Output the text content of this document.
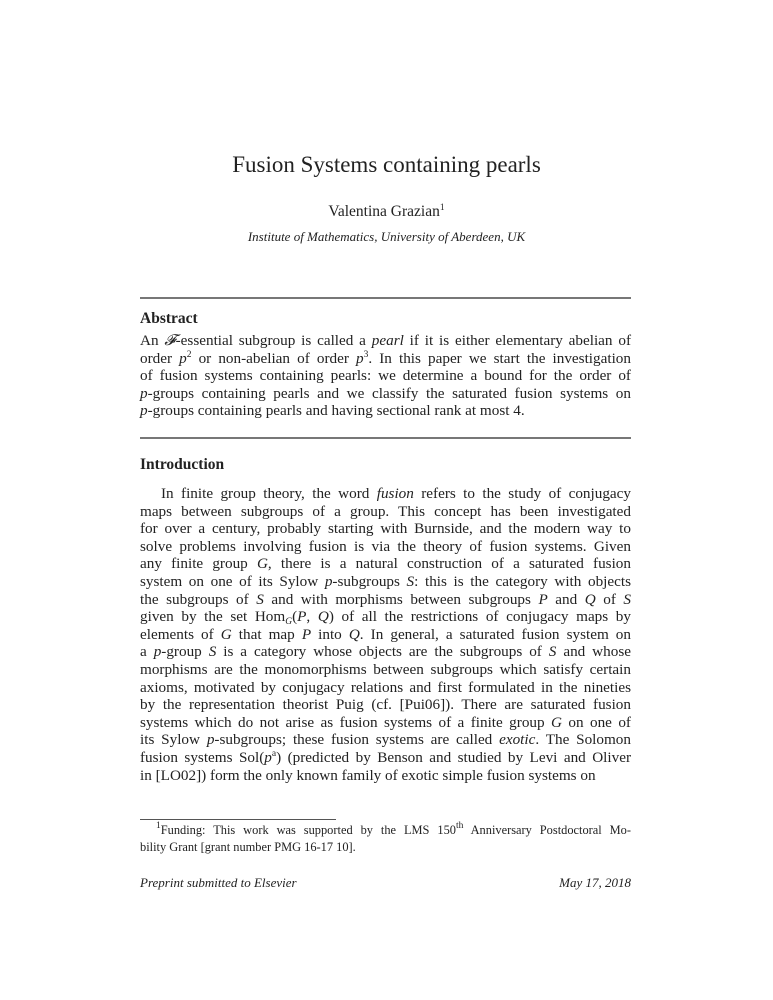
Fusion Systems containing pearls
Valentina Grazian$^1$
Institute of Mathematics, University of Aberdeen, UK
Abstract
An 𝓕-essential subgroup is called a pearl if it is either elementary abelian of
order $p^2$ or non-abelian of order $p^3$. In this paper we start the investigation
of fusion systems containing pearls: we determine a bound for the order of
p-groups containing pearls and we classify the saturated fusion systems on
p-groups containing pearls and having sectional rank at most 4.
Introduction
In finite group theory, the word fusion refers to the study of conjugacy
maps between subgroups of a group. This concept has been investigated
for over a century, probably starting with Burnside, and the modern way to
solve problems involving fusion is via the theory of fusion systems. Given
any finite group G, there is a natural construction of a saturated fusion
system on one of its Sylow p-subgroups S: this is the category with objects
the subgroups of S and with morphisms between subgroups P and Q of S
given by the set Hom$_G$(P, Q) of all the restrictions of conjugacy maps by
elements of G that map P into Q. In general, a saturated fusion system on
a p-group S is a category whose objects are the subgroups of S and whose
morphisms are the monomorphisms between subgroups which satisfy certain
axioms, motivated by conjugacy relations and first formulated in the nineties
by the representation theorist Puig (cf. [Pui06]). There are saturated fusion
systems which do not arise as fusion systems of a finite group G on one of
its Sylow p-subgroups; these fusion systems are called exotic. The Solomon
fusion systems $Sol(p^a)$ (predicted by Benson and studied by Levi and Oliver
in [LO02]) form the only known family of exotic simple fusion systems on
$^1$Funding: This work was supported by the LMS 150th Anniversary Postdoctoral Mo-
bility Grant [grant number PMG 16-17 10].
Preprint submitted to Elsevier	May 17, 2018
